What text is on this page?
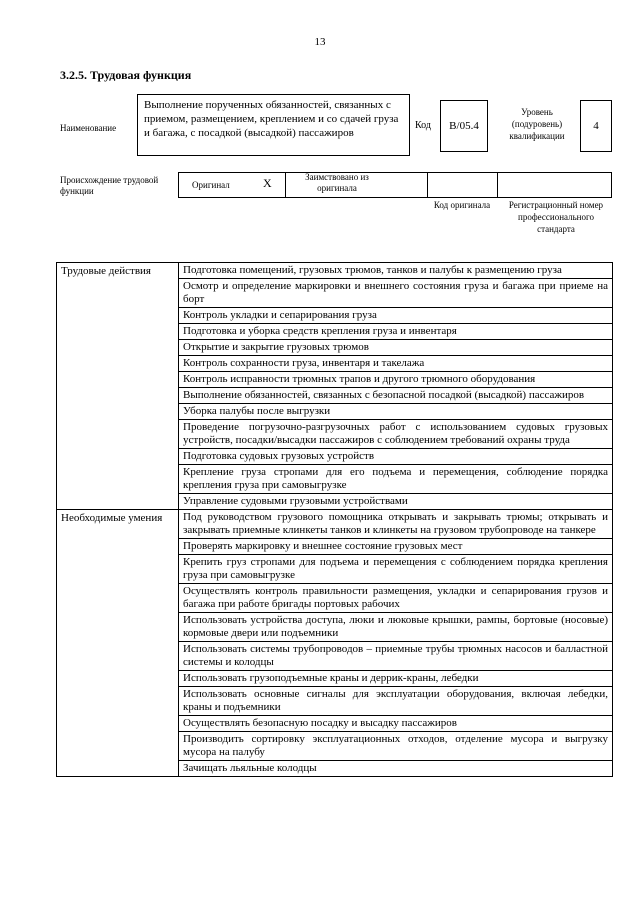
13
3.2.5. Трудовая функция
Наименование
Выполнение порученных обязанностей, связанных с приемом, размещением, креплением и со сдачей груза и багажа, с посадкой (высадкой) пассажиров
Код	B/05.4
Уровень (подуровень) квалификации
4
Происхождение трудовой функции
Оригинал	X	Заимствовано из оригинала
Код оригинала	Регистрационный номер профессионального стандарта
Трудовые действия	Подготовка помещений, грузовых трюмов, танков и палубы к размещению груза
	Осмотр и определение маркировки и внешнего состояния груза и багажа при приеме на борт
	Контроль укладки и сепарирования груза
	Подготовка и уборка средств крепления груза и инвентаря
	Открытие и закрытие грузовых трюмов
	Контроль сохранности груза, инвентаря и такелажа
	Контроль исправности трюмных трапов и другого трюмного оборудования
	Выполнение обязанностей, связанных с безопасной посадкой (высадкой) пассажиров
	Уборка палубы после выгрузки
	Проведение погрузочно-разгрузочных работ с использованием судовых грузовых устройств, посадки/высадки пассажиров с соблюдением требований охраны труда
	Подготовка судовых грузовых устройств
	Крепление груза стропами для его подъема и перемещения, соблюдение порядка крепления груза при самовыгрузке
	Управление судовыми грузовыми устройствами
Необходимые умения	Под руководством грузового помощника открывать и закрывать трюмы; открывать и закрывать приемные клинкеты танков и клинкеты на грузовом трубопроводе на танкере
	Проверять маркировку и внешнее состояние грузовых мест
	Крепить груз стропами для подъема и перемещения с соблюдением порядка крепления груза при самовыгрузке
	Осуществлять контроль правильности размещения, укладки и сепарирования грузов и багажа при работе бригады портовых рабочих
	Использовать устройства доступа, люки и люковые крышки, рампы, бортовые (носовые) кормовые двери или подъемники
	Использовать системы трубопроводов – приемные трубы трюмных насосов и балластной системы и колодцы
	Использовать грузоподъемные краны и деррик-краны, лебедки
	Использовать основные сигналы для эксплуатации оборудования, включая лебедки, краны и подъемники
	Осуществлять безопасную посадку и высадку пассажиров
	Производить сортировку эксплуатационных отходов, отделение мусора и выгрузку мусора на палубу
	Зачищать льяльные колодцы
